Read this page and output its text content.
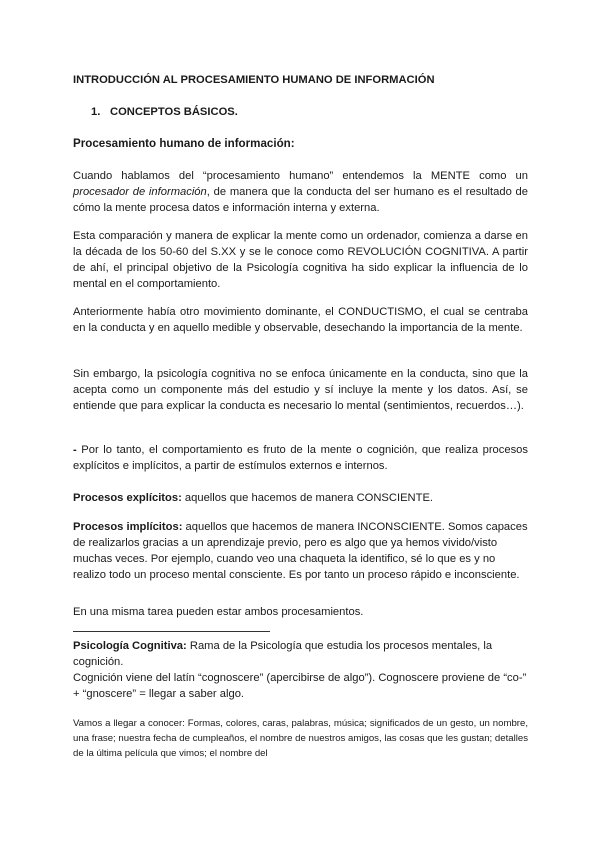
INTRODUCCIÓN AL PROCESAMIENTO HUMANO DE INFORMACIÓN

1. CONCEPTOS BÁSICOS.

Procesamiento humano de información:

Cuando hablamos del “procesamiento humano” entendemos la MENTE como un procesador de información, de manera que la conducta del ser humano es el resultado de cómo la mente procesa datos e información interna y externa.

Esta comparación y manera de explicar la mente como un ordenador, comienza a darse en la década de los 50-60 del S.XX y se le conoce como REVOLUCIÓN COGNITIVA. A partir de ahí, el principal objetivo de la Psicología cognitiva ha sido explicar la influencia de lo mental en el comportamiento.

Anteriormente había otro movimiento dominante, el CONDUCTISMO, el cual se centraba en la conducta y en aquello medible y observable, desechando la importancia de la mente.

Sin embargo, la psicología cognitiva no se enfoca únicamente en la conducta, sino que la acepta como un componente más del estudio y sí incluye la mente y los datos. Así, se entiende que para explicar la conducta es necesario lo mental (sentimientos, recuerdos…).

- Por lo tanto, el comportamiento es fruto de la mente o cognición, que realiza procesos explícitos e implícitos, a partir de estímulos externos e internos.

Procesos explícitos: aquellos que hacemos de manera CONSCIENTE.

Procesos implícitos: aquellos que hacemos de manera INCONSCIENTE. Somos capaces de realizarlos gracias a un aprendizaje previo, pero es algo que ya hemos vivido/visto muchas veces. Por ejemplo, cuando veo una chaqueta la identifico, sé lo que es y no realizo todo un proceso mental consciente. Es por tanto un proceso rápido e inconsciente.

En una misma tarea pueden estar ambos procesamientos.

Psicología Cognitiva: Rama de la Psicología que estudia los procesos mentales, la cognición.
Cognición viene del latín “cognoscere” (apercibirse de algo”). Cognoscere proviene de “co-” + “gnoscere” = llegar a saber algo.

Vamos a llegar a conocer: Formas, colores, caras, palabras, música; significados de un gesto, un nombre, una frase; nuestra fecha de cumpleaños, el nombre de nuestros amigos, las cosas que les gustan; detalles de la última película que vimos; el nombre del
